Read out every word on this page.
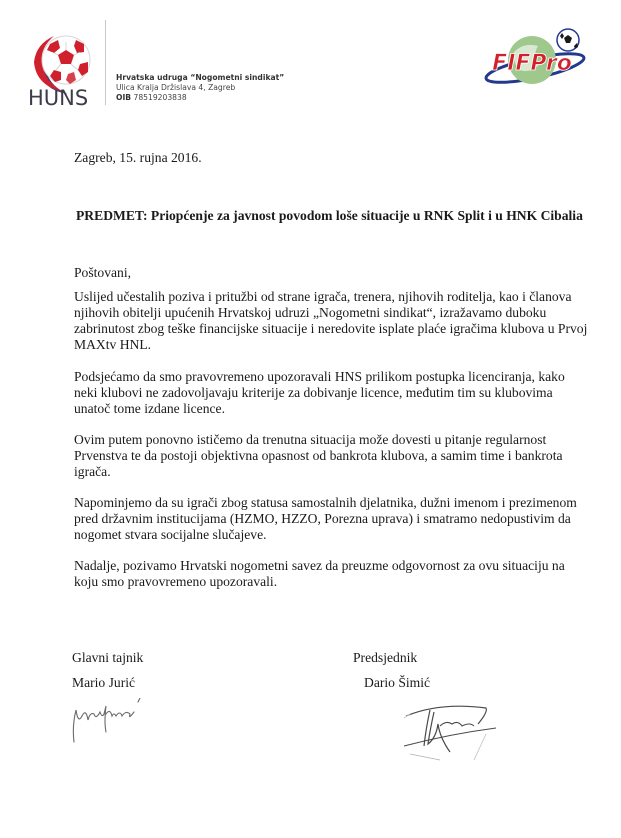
HUNS
Hrvatska udruga “Nogometni sindikat”
Ulica Kralja Držislava 4, Zagreb
OIB 78519203838
FIFPro
Zagreb, 15. rujna 2016.
PREDMET: Priopćenje za javnost povodom loše situacije u RNK Split i u HNK Cibalia
Poštovani,
Uslijed učestalih poziva i pritužbi od strane igrača, trenera, njihovih roditelja, kao i članova
njihovih obitelji upućenih Hrvatskoj udruzi „Nogometni sindikat“, izražavamo duboku
zabrinutost zbog teške financijske situacije i neredovite isplate plaće igračima klubova u Prvoj
MAXtv HNL.
Podsjećamo da smo pravovremeno upozoravali HNS prilikom postupka licenciranja, kako
neki klubovi ne zadovoljavaju kriterije za dobivanje licence, međutim tim su klubovima
unatoč tome izdane licence.
Ovim putem ponovno ističemo da trenutna situacija može dovesti u pitanje regularnost
Prvenstva te da postoji objektivna opasnost od bankrota klubova, a samim time i bankrota
igrača.
Napominjemo da su igrači zbog statusa samostalnih djelatnika, dužni imenom i prezimenom
pred državnim institucijama (HZMO, HZZO, Porezna uprava) i smatramo nedopustivim da
nogomet stvara socijalne slučajeve.
Nadalje, pozivamo Hrvatski nogometni savez da preuzme odgovornost za ovu situaciju na
koju smo pravovremeno upozoravali.
Glavni tajnik
Mario Jurić
Predsjednik
Dario Šimić
